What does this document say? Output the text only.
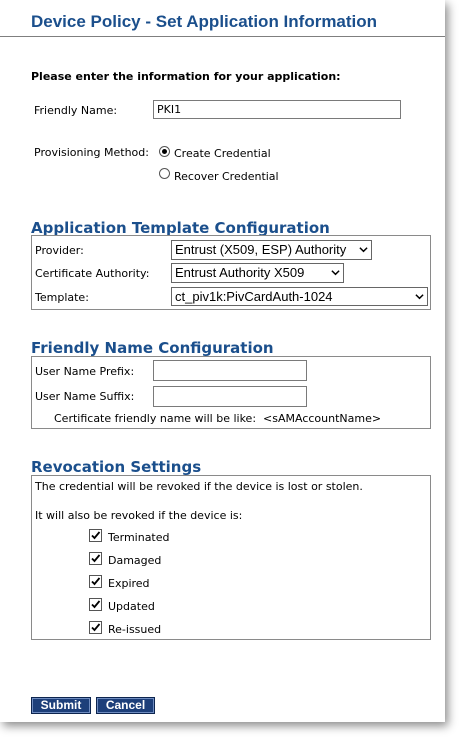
Device Policy - Set Application Information
Please enter the information for your application:
Friendly Name:
PKI1
Provisioning Method: Create Credential
Recover Credential
Application Template Configuration
Provider:	Entrust (X509, ESP) Authority
Certificate Authority:	Entrust Authority X509
Template:	ct_piv1k:PivCardAuth-1024
Friendly Name Configuration
User Name Prefix:
User Name Suffix:
Certificate friendly name will be like:  <sAMAccountName>
Revocation Settings
The credential will be revoked if the device is lost or stolen.
It will also be revoked if the device is:
Terminated
Damaged
Expired
Updated
Re-issued
Submit	Cancel
